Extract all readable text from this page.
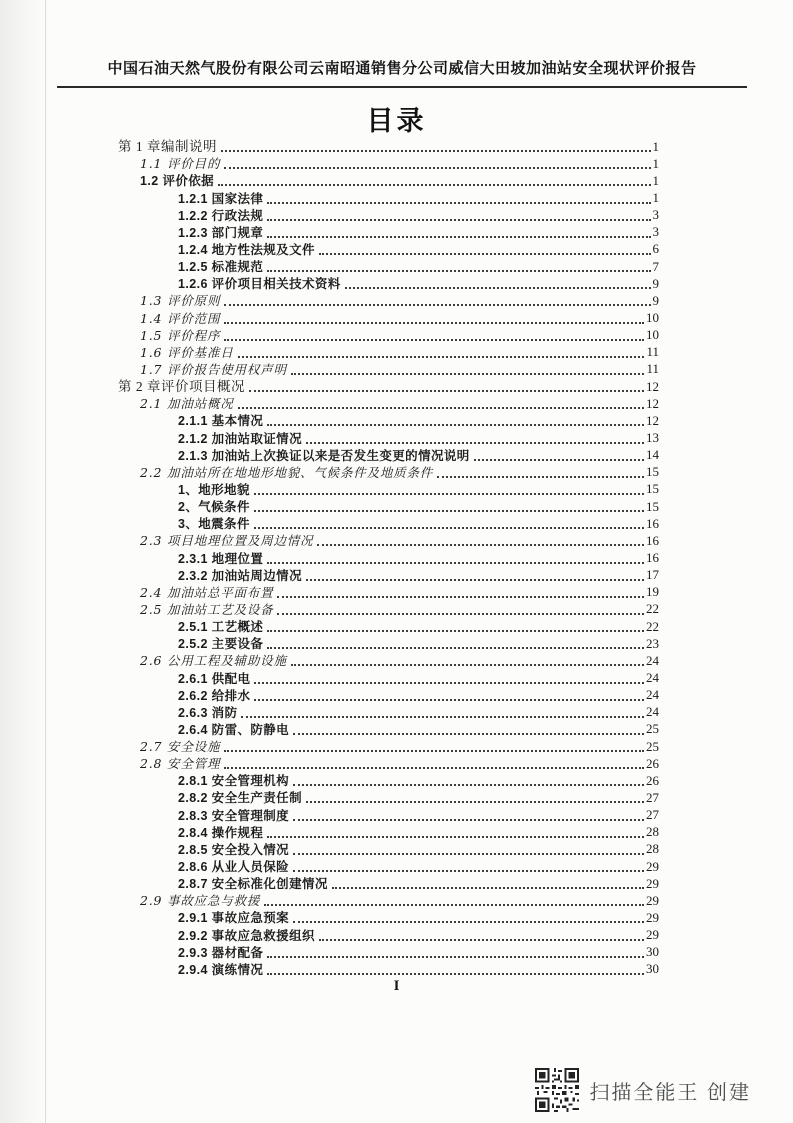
中国石油天然气股份有限公司云南昭通销售分公司威信大田坡加油站安全现状评价报告
目录
第 1 章编制说明	1
1.1 评价目的	1
1.2 评价依据	1
1.2.1 国家法律	1
1.2.2 行政法规	3
1.2.3 部门规章	3
1.2.4 地方性法规及文件	6
1.2.5 标准规范	7
1.2.6 评价项目相关技术资料	9
1.3 评价原则	9
1.4 评价范围	10
1.5 评价程序	10
1.6 评价基准日	11
1.7 评价报告使用权声明	11
第 2 章评价项目概况	12
2.1 加油站概况	12
2.1.1 基本情况	12
2.1.2 加油站取证情况	13
2.1.3 加油站上次换证以来是否发生变更的情况说明	14
2.2 加油站所在地地形地貌、气候条件及地质条件	15
1、地形地貌	15
2、气候条件	15
3、地震条件	16
2.3 项目地理位置及周边情况	16
2.3.1 地理位置	16
2.3.2 加油站周边情况	17
2.4 加油站总平面布置	19
2.5 加油站工艺及设备	22
2.5.1 工艺概述	22
2.5.2 主要设备	23
2.6 公用工程及辅助设施	24
2.6.1 供配电	24
2.6.2 给排水	24
2.6.3 消防	24
2.6.4 防雷、防静电	25
2.7 安全设施	25
2.8 安全管理	26
2.8.1 安全管理机构	26
2.8.2 安全生产责任制	27
2.8.3 安全管理制度	27
2.8.4 操作规程	28
2.8.5 安全投入情况	28
2.8.6 从业人员保险	29
2.8.7 安全标准化创建情况	29
2.9 事故应急与救援	29
2.9.1 事故应急预案	29
2.9.2 事故应急救援组织	29
2.9.3 器材配备	30
2.9.4 演练情况	30
I
扫描全能王 创建
